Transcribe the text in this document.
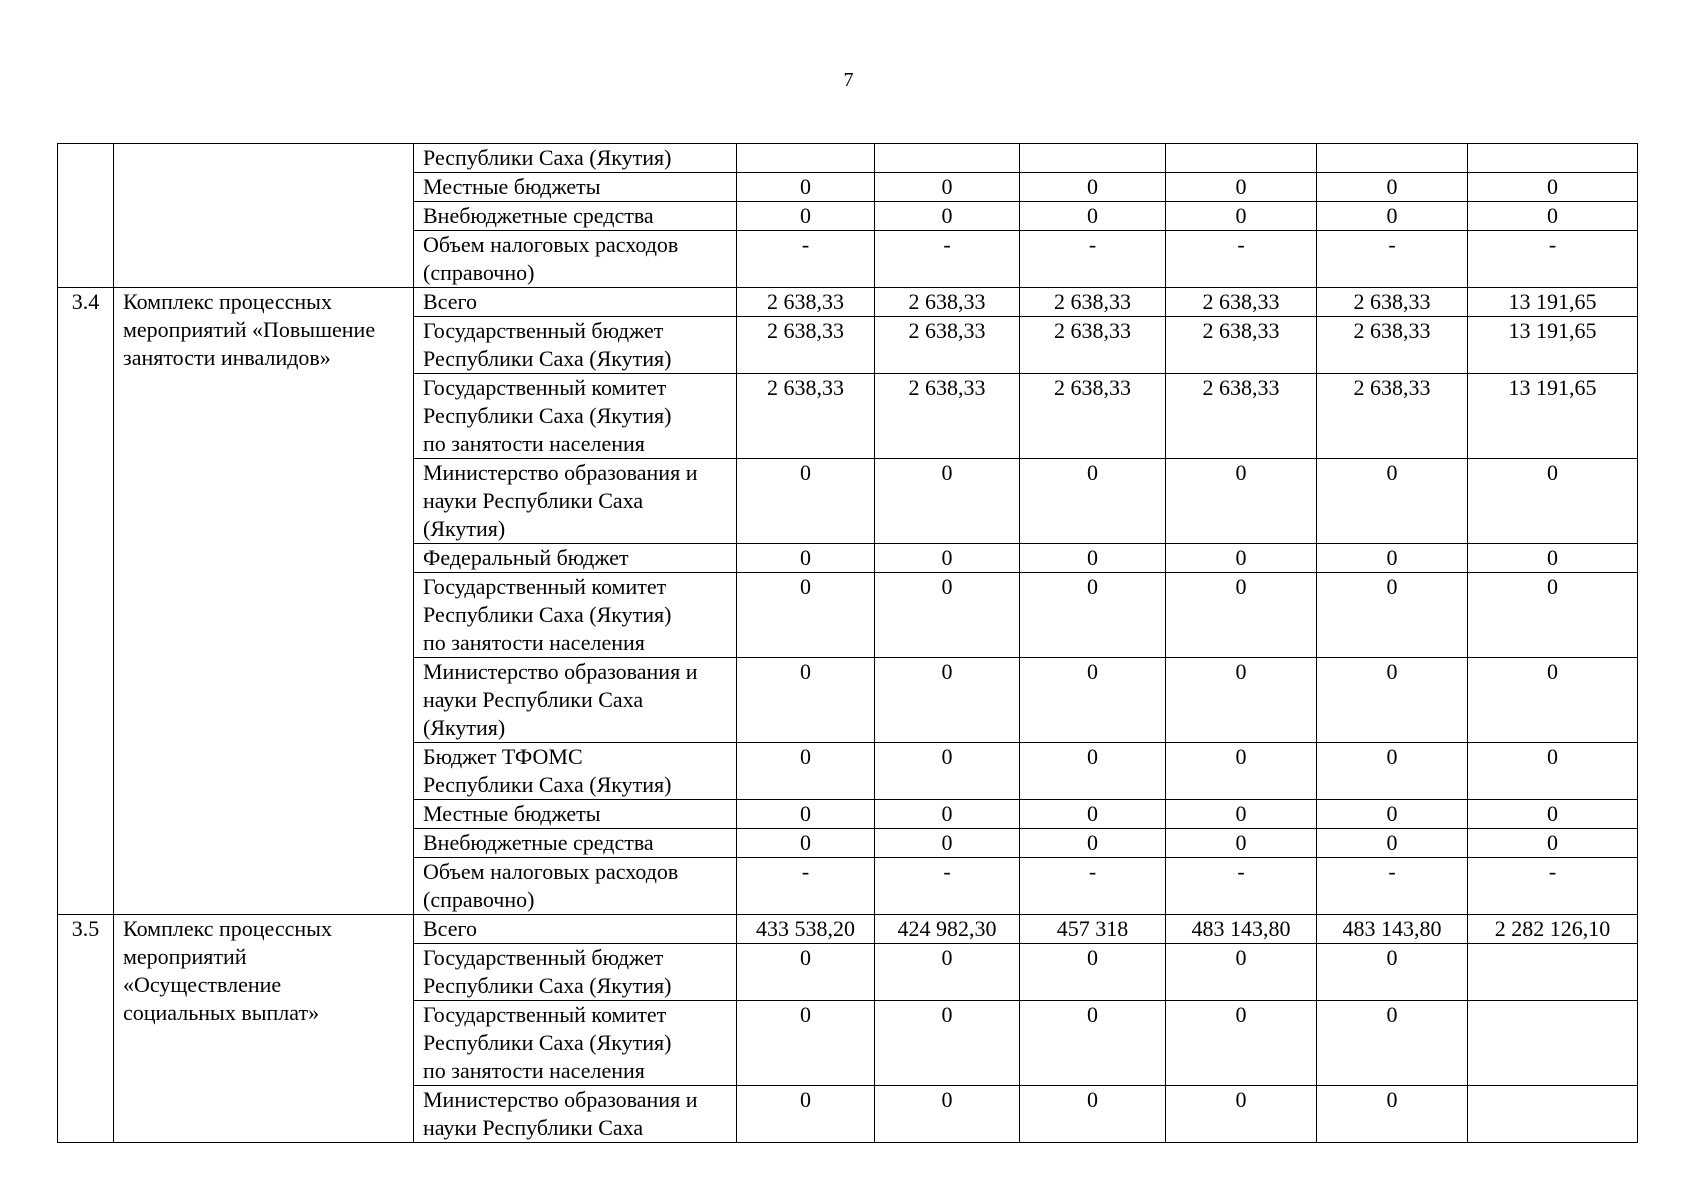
7

		Республики Саха (Якутия)						

		Местные бюджеты	0	0	0	0	0	0

		Внебюджетные средства	0	0	0	0	0	0

		Объем налоговых расходов
(справочно)	-	-	-	-	-	-
3.4	Комплекс процессных
мероприятий «Повышение
занятости инвалидов»	Всего	2 638,33	2 638,33	2 638,33	2 638,33	2 638,33	13 191,65

		Государственный бюджет
Республики Саха (Якутия)	2 638,33	2 638,33	2 638,33	2 638,33	2 638,33	13 191,65

		Государственный комитет
Республики Саха (Якутия)
по занятости населения	2 638,33	2 638,33	2 638,33	2 638,33	2 638,33	13 191,65

		Министерство образования и
науки Республики Саха
(Якутия)	0	0	0	0	0	0

		Федеральный бюджет	0	0	0	0	0	0

		Государственный комитет
Республики Саха (Якутия)
по занятости населения	0	0	0	0	0	0

		Министерство образования и
науки Республики Саха
(Якутия)	0	0	0	0	0	0

		Бюджет ТФОМС
Республики Саха (Якутия)	0	0	0	0	0	0

		Местные бюджеты	0	0	0	0	0	0

		Внебюджетные средства	0	0	0	0	0	0

		Объем налоговых расходов
(справочно)	-	-	-	-	-	-
3.5	Комплекс процессных
мероприятий
«Осуществление
социальных выплат»	Всего	433 538,20	424 982,30	457 318	483 143,80	483 143,80	2 282 126,10

		Государственный бюджет
Республики Саха (Якутия)	0	0	0	0	0	

		Государственный комитет
Республики Саха (Якутия)
по занятости населения	0	0	0	0	0	

		Министерство образования и
науки Республики Саха	0	0	0	0	0	
